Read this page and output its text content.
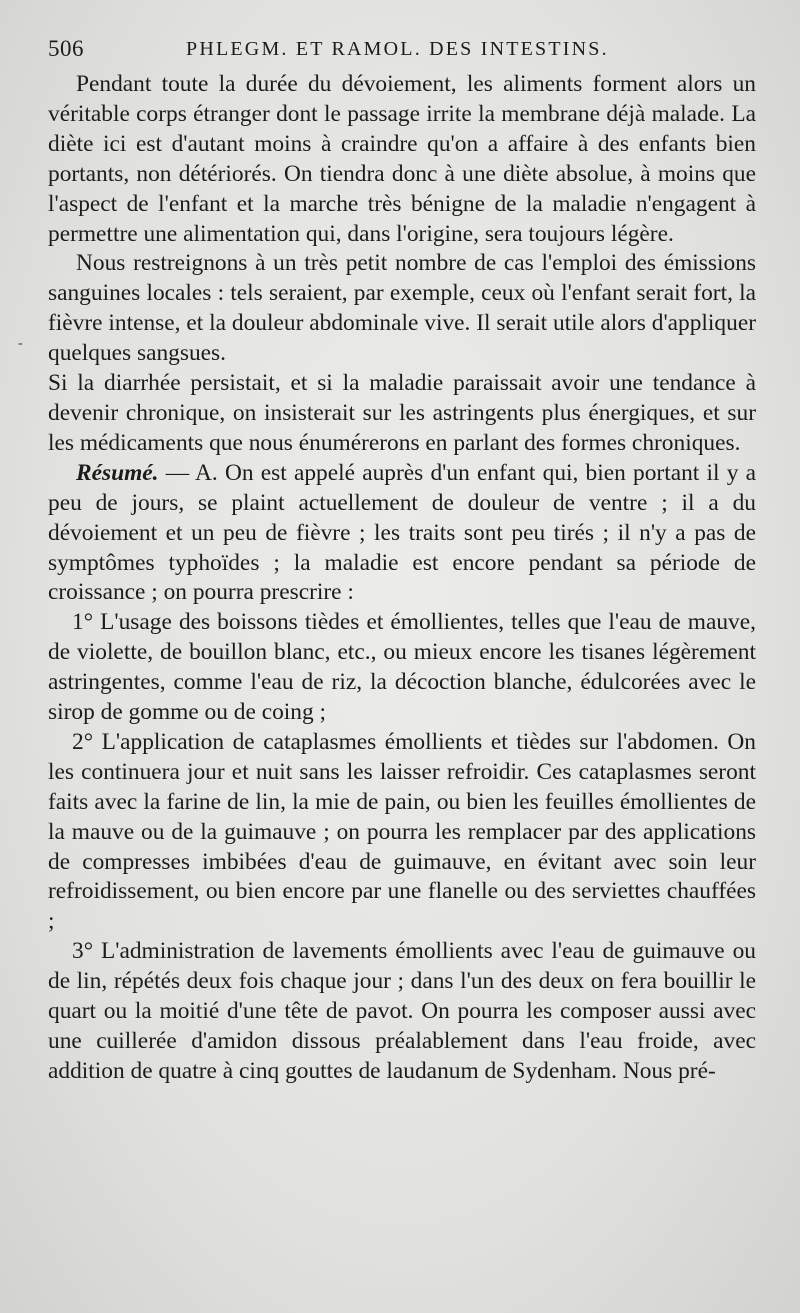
506	PHLEGM. ET RAMOL. DES INTESTINS.
-

Pendant toute la durée du dévoiement, les aliments forment alors un véritable corps étranger dont le passage irrite la membrane déjà malade. La diète ici est d'autant moins à craindre qu'on a affaire à des enfants bien portants, non détériorés. On tiendra donc à une diète absolue, à moins que l'aspect de l'enfant et la marche très bénigne de la maladie n'engagent à permettre une alimentation qui, dans l'origine, sera toujours légère.

Nous restreignons à un très petit nombre de cas l'emploi des émissions sanguines locales : tels seraient, par exemple, ceux où l'enfant serait fort, la fièvre intense, et la douleur abdominale vive. Il serait utile alors d'appliquer quelques sangsues.

Si la diarrhée persistait, et si la maladie paraissait avoir une tendance à devenir chronique, on insisterait sur les astringents plus énergiques, et sur les médicaments que nous énumérerons en parlant des formes chroniques.

Résumé. — A. On est appelé auprès d'un enfant qui, bien portant il y a peu de jours, se plaint actuellement de douleur de ventre ; il a du dévoiement et un peu de fièvre ; les traits sont peu tirés ; il n'y a pas de symptômes typhoïdes ; la maladie est encore pendant sa période de croissance ; on pourra prescrire :

1° L'usage des boissons tièdes et émollientes, telles que l'eau de mauve, de violette, de bouillon blanc, etc., ou mieux encore les tisanes légèrement astringentes, comme l'eau de riz, la décoction blanche, édulcorées avec le sirop de gomme ou de coing ;

2° L'application de cataplasmes émollients et tièdes sur l'abdomen. On les continuera jour et nuit sans les laisser refroidir. Ces cataplasmes seront faits avec la farine de lin, la mie de pain, ou bien les feuilles émollientes de la mauve ou de la guimauve ; on pourra les remplacer par des applications de compresses imbibées d'eau de guimauve, en évitant avec soin leur refroidissement, ou bien encore par une flanelle ou des serviettes chauffées ;

3° L'administration de lavements émollients avec l'eau de guimauve ou de lin, répétés deux fois chaque jour ; dans l'un des deux on fera bouillir le quart ou la moitié d'une tête de pavot. On pourra les composer aussi avec une cuillerée d'amidon dissous préalablement dans l'eau froide, avec addition de quatre à cinq gouttes de laudanum de Sydenham. Nous pré-
